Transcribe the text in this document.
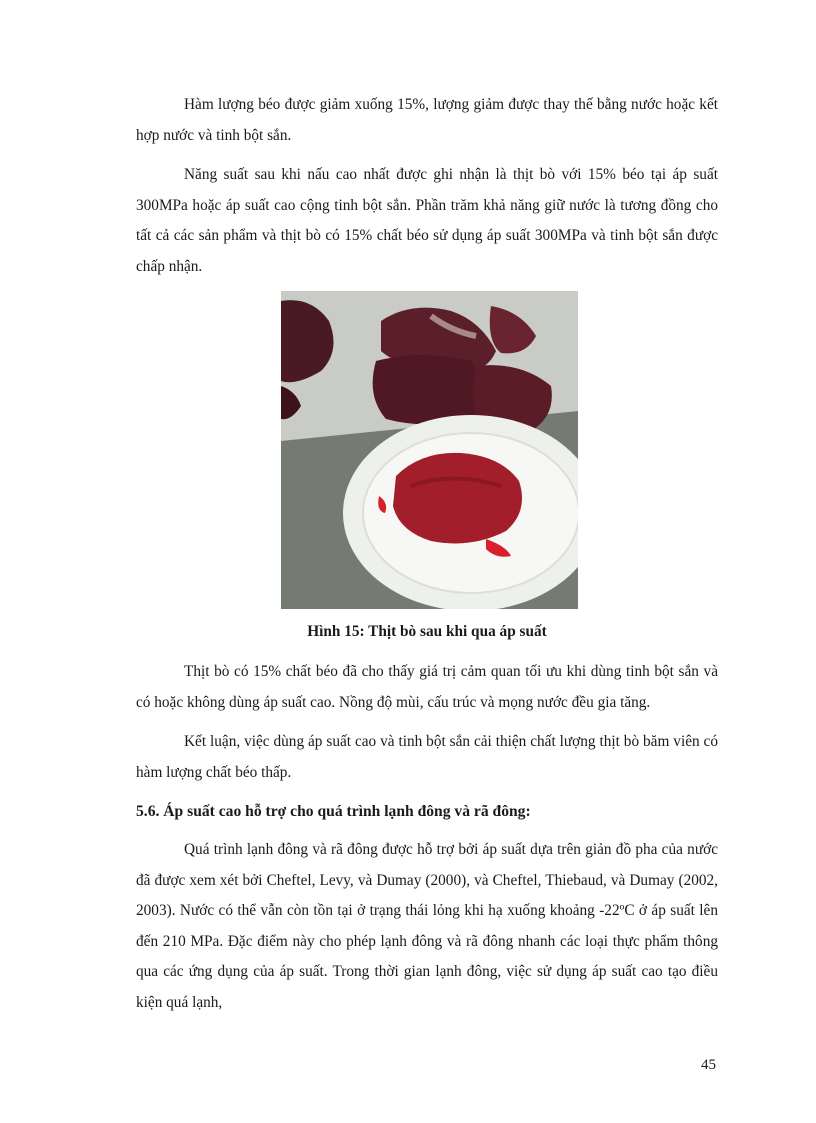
Hàm lượng béo được giảm xuống 15%, lượng giảm được thay thế bằng nước hoặc kết hợp nước và tinh bột sắn.

Năng suất sau khi nấu cao nhất được ghi nhận là thịt bò với 15% béo tại áp suất 300MPa hoặc áp suất cao cộng tinh bột sắn. Phần trăm khả năng giữ nước là tương đồng cho tất cả các sản phẩm và thịt bò có 15% chất béo sử dụng áp suất 300MPa và tinh bột sắn được chấp nhận.

Hình 15: Thịt bò sau khi qua áp suất

Thịt bò có 15% chất béo đã cho thấy giá trị cảm quan tối ưu khi dùng tinh bột sắn và có hoặc không dùng áp suất cao. Nồng độ mùi, cấu trúc và mọng nước đều gia tăng.

Kết luận, việc dùng áp suất cao và tinh bột sắn cải thiện chất lượng thịt bò băm viên có hàm lượng chất béo thấp.

5.6. Áp suất cao hỗ trợ cho quá trình lạnh đông và rã đông:

Quá trình lạnh đông và rã đông được hỗ trợ bởi áp suất dựa trên giản đồ pha của nước đã được xem xét bởi Cheftel, Levy, và Dumay (2000), và Cheftel, Thiebaud, và Dumay (2002, 2003). Nước có thể vẫn còn tồn tại ở trạng thái lỏng khi hạ xuống khoảng -22ºC ở áp suất lên đến 210 MPa. Đặc điểm này cho phép lạnh đông và rã đông nhanh các loại thực phẩm thông qua các ứng dụng của áp suất. Trong thời gian lạnh đông, việc sử dụng áp suất cao tạo điều kiện quá lạnh,

45
